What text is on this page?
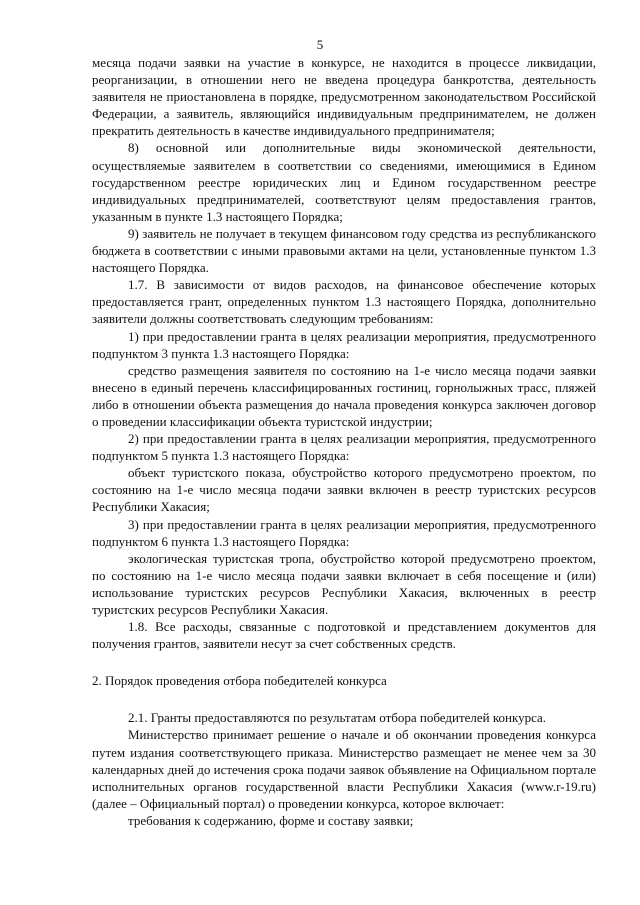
5

месяца подачи заявки на участие в конкурсе, не находится в процессе ликвидации, реорганизации, в отношении него не введена процедура банкротства, деятельность заявителя не приостановлена в порядке, предусмотренном законодательством Российской Федерации, а заявитель, являющийся индивидуальным предпринимателем, не должен прекратить деятельность в качестве индивидуального предпринимателя;

8) основной или дополнительные виды экономической деятельности, осуществляемые заявителем в соответствии со сведениями, имеющимися в Едином государственном реестре юридических лиц и Едином государственном реестре индивидуальных предпринимателей, соответствуют целям предоставления грантов, указанным в пункте 1.3 настоящего Порядка;

9) заявитель не получает в текущем финансовом году средства из республиканского бюджета в соответствии с иными правовыми актами на цели, установленные пунктом 1.3 настоящего Порядка.

1.7. В зависимости от видов расходов, на финансовое обеспечение которых предоставляется грант, определенных пунктом 1.3 настоящего Порядка, дополнительно заявители должны соответствовать следующим требованиям:

1) при предоставлении гранта в целях реализации мероприятия, предусмотренного подпунктом 3 пункта 1.3 настоящего Порядка:

средство размещения заявителя по состоянию на 1-е число месяца подачи заявки внесено в единый перечень классифицированных гостиниц, горнолыжных трасс, пляжей либо в отношении объекта размещения до начала проведения конкурса заключен договор о проведении классификации объекта туристской индустрии;

2) при предоставлении гранта в целях реализации мероприятия, предусмотренного подпунктом 5 пункта 1.3 настоящего Порядка:

объект туристского показа, обустройство которого предусмотрено проектом, по состоянию на 1-е число месяца подачи заявки включен в реестр туристских ресурсов Республики Хакасия;

3) при предоставлении гранта в целях реализации мероприятия, предусмотренного подпунктом 6 пункта 1.3 настоящего Порядка:

экологическая туристская тропа, обустройство которой предусмотрено проектом, по состоянию на 1-е число месяца подачи заявки включает в себя посещение и (или) использование туристских ресурсов Республики Хакасия, включенных в реестр туристских ресурсов Республики Хакасия.

1.8. Все расходы, связанные с подготовкой и представлением документов для получения грантов, заявители несут за счет собственных средств.

2. Порядок проведения отбора победителей конкурса

2.1. Гранты предоставляются по результатам отбора победителей конкурса.

Министерство принимает решение о начале и об окончании проведения конкурса путем издания соответствующего приказа. Министерство размещает не менее чем за 30 календарных дней до истечения срока подачи заявок объявление на Официальном портале исполнительных органов государственной власти Республики Хакасия (www.r-19.ru) (далее – Официальный портал) о проведении конкурса, которое включает:

требования к содержанию, форме и составу заявки;
